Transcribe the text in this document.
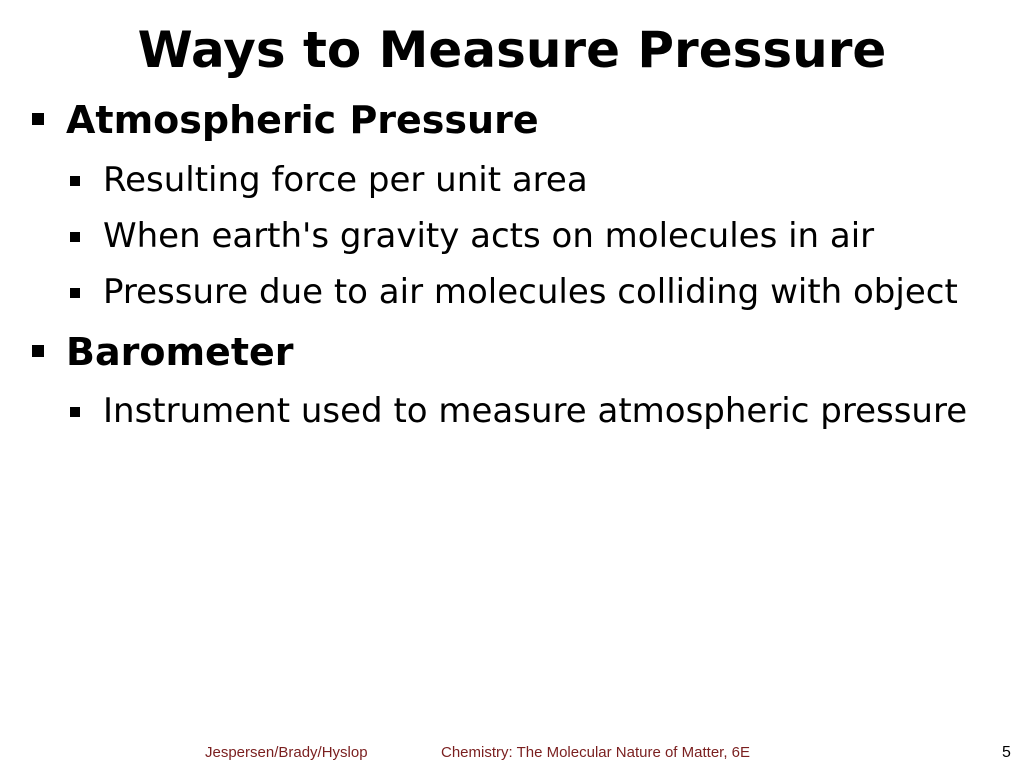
Ways to Measure Pressure
Atmospheric Pressure
Resulting force per unit area
When earth's gravity acts on molecules in air
Pressure due to air molecules colliding with object
Barometer
Instrument used to measure atmospheric pressure
Jespersen/Brady/Hyslop	Chemistry: The Molecular Nature of Matter, 6E	5
